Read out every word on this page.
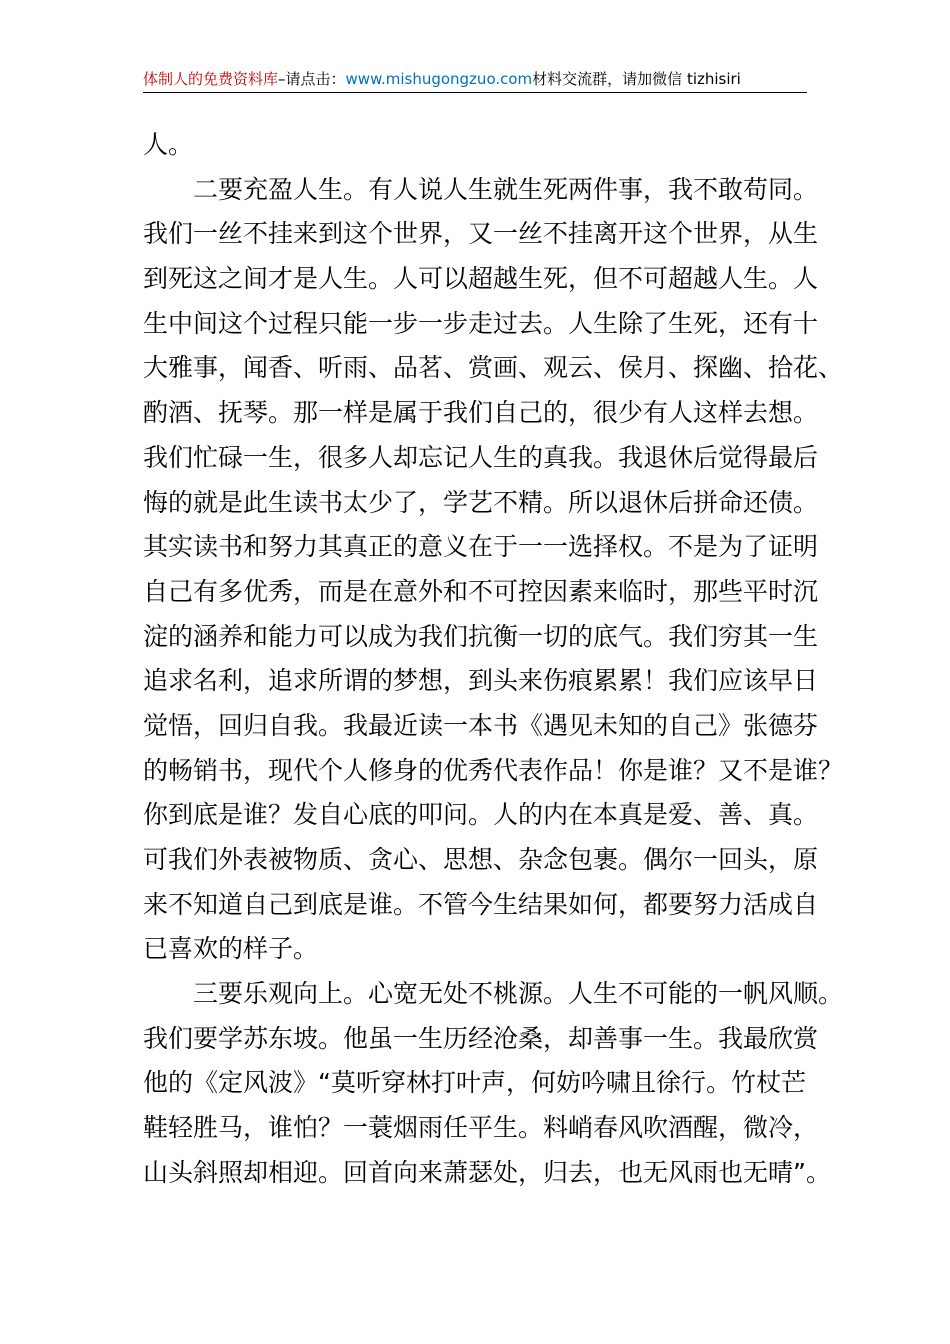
体制人的免费资料库–请点击：www.mishugongzuo.com材料交流群，请加微信 tizhisiri
人。
二要充盈人生。有人说人生就生死两件事，我不敢苟同。
我们一丝不挂来到这个世界，又一丝不挂离开这个世界，从生
到死这之间才是人生。人可以超越生死，但不可超越人生。人
生中间这个过程只能一步一步走过去。人生除了生死，还有十
大雅事，闻香、听雨、品茗、赏画、观云、侯月、探幽、拾花、
酌酒、抚琴。那一样是属于我们自己的，很少有人这样去想。
我们忙碌一生，很多人却忘记人生的真我。我退休后觉得最后
悔的就是此生读书太少了，学艺不精。所以退休后拼命还债。
其实读书和努力其真正的意义在于一一选择权。不是为了证明
自己有多优秀，而是在意外和不可控因素来临时，那些平时沉
淀的涵养和能力可以成为我们抗衡一切的底气。我们穷其一生
追求名利，追求所谓的梦想，到头来伤痕累累！我们应该早日
觉悟，回归自我。我最近读一本书《遇见未知的自己》张德芬
的畅销书，现代个人修身的优秀代表作品！你是谁？又不是谁？
你到底是谁？发自心底的叩问。人的内在本真是爱、善、真。
可我们外表被物质、贪心、思想、杂念包裹。偶尔一回头，原
来不知道自己到底是谁。不管今生结果如何，都要努力活成自
已喜欢的样子。
三要乐观向上。心宽无处不桃源。人生不可能的一帆风顺。
我们要学苏东坡。他虽一生历经沧桑，却善事一生。我最欣赏
他的《定风波》“莫听穿林打叶声，何妨吟啸且徐行。竹杖芒
鞋轻胜马，谁怕？一蓑烟雨任平生。料峭春风吹酒醒，微冷，
山头斜照却相迎。回首向来萧瑟处，归去，也无风雨也无晴”。
